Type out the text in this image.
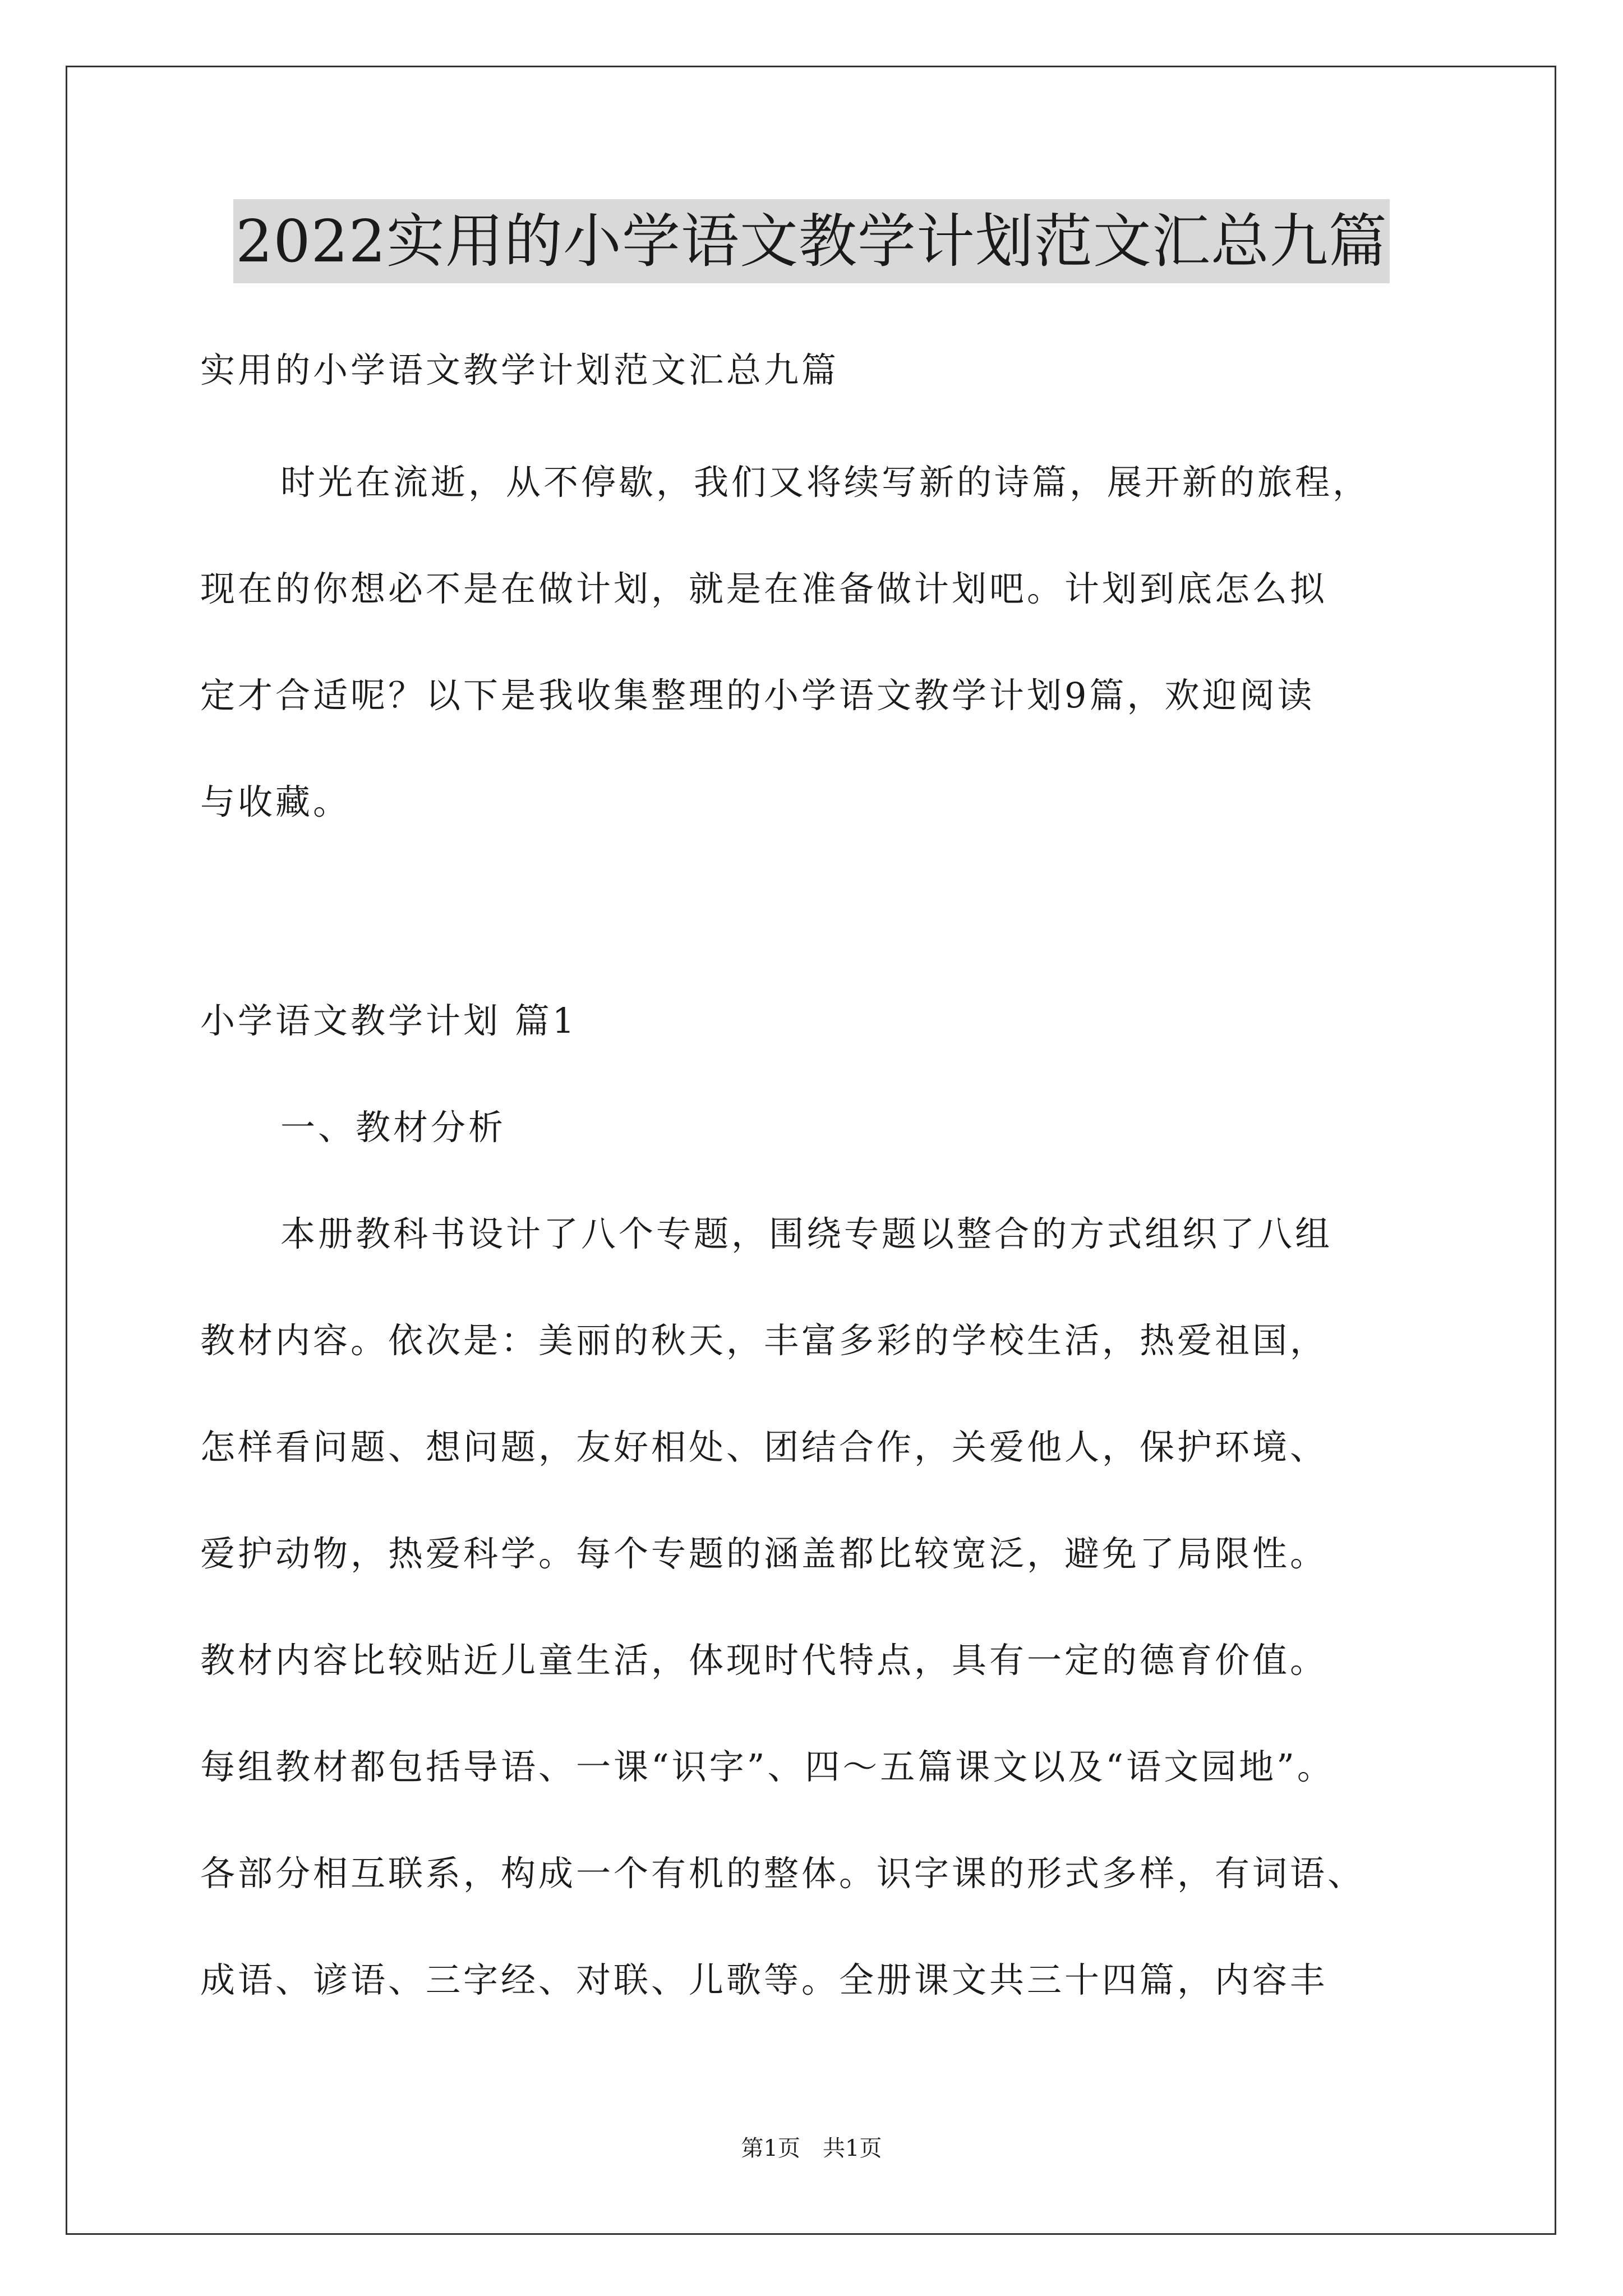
2022实用的小学语文教学计划范文汇总九篇
实用的小学语文教学计划范文汇总九篇
时光在流逝，从不停歇，我们又将续写新的诗篇，展开新的旅程，
现在的你想必不是在做计划，就是在准备做计划吧。计划到底怎么拟
定才合适呢？以下是我收集整理的小学语文教学计划9篇，欢迎阅读
与收藏。
小学语文教学计划 篇1
一、教材分析
本册教科书设计了八个专题，围绕专题以整合的方式组织了八组
教材内容。依次是：美丽的秋天，丰富多彩的学校生活，热爱祖国，
怎样看问题、想问题，友好相处、团结合作，关爱他人，保护环境、
爱护动物，热爱科学。每个专题的涵盖都比较宽泛，避免了局限性。
教材内容比较贴近儿童生活，体现时代特点，具有一定的德育价值。
每组教材都包括导语、一课“识字”、四～五篇课文以及“语文园地”。
各部分相互联系，构成一个有机的整体。识字课的形式多样，有词语、
成语、谚语、三字经、对联、儿歌等。全册课文共三十四篇，内容丰
第1页 共1页
